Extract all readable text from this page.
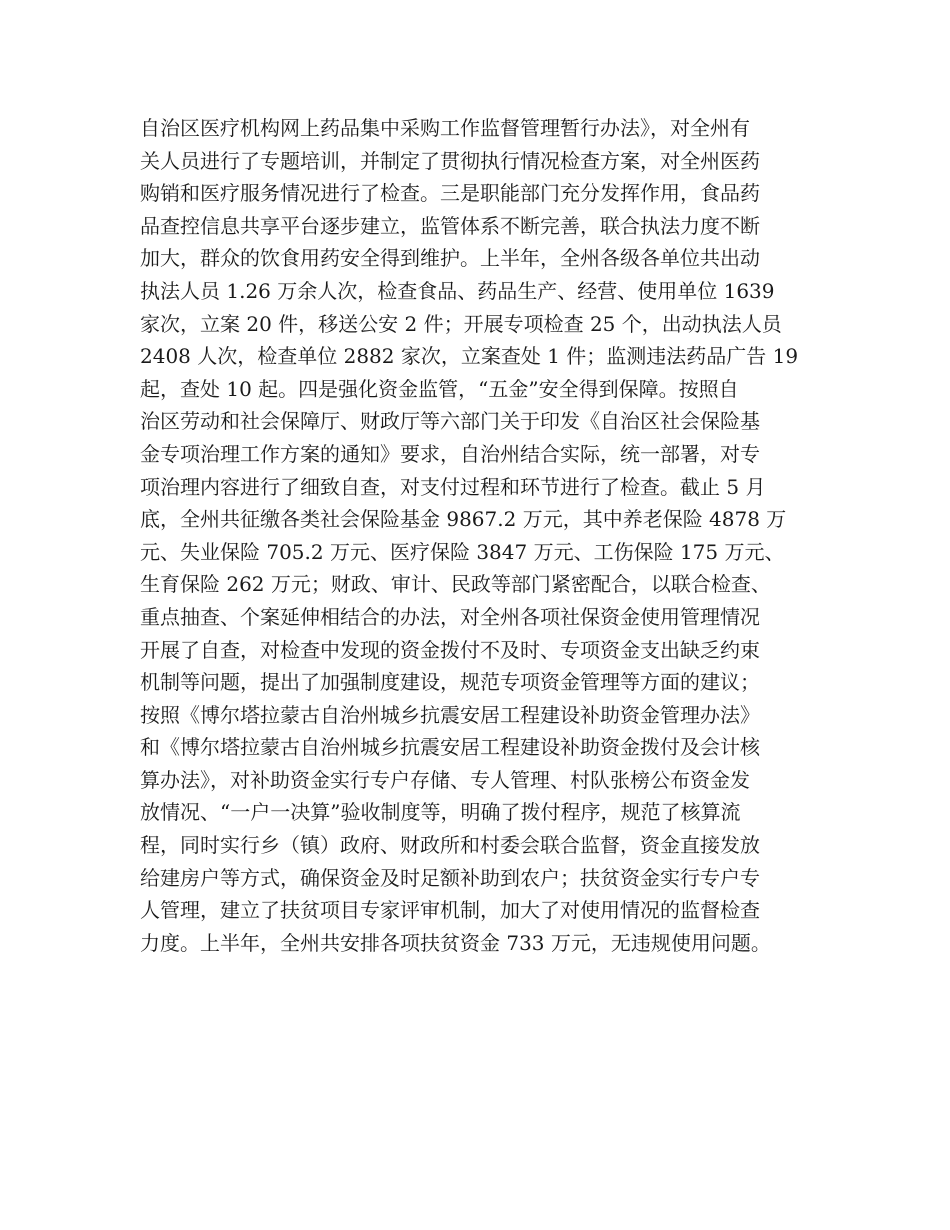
自治区医疗机构网上药品集中采购工作监督管理暂行办法》，对全州有
关人员进行了专题培训，并制定了贯彻执行情况检查方案，对全州医药
购销和医疗服务情况进行了检查。三是职能部门充分发挥作用，食品药
品查控信息共享平台逐步建立，监管体系不断完善，联合执法力度不断
加大，群众的饮食用药安全得到维护。上半年，全州各级各单位共出动
执法人员 1.26 万余人次，检查食品、药品生产、经营、使用单位 1639
家次，立案 20 件，移送公安 2 件；开展专项检查 25 个，出动执法人员
2408 人次，检查单位 2882 家次，立案查处 1 件；监测违法药品广告 19
起，查处 10 起。四是强化资金监管，“五金”安全得到保障。按照自
治区劳动和社会保障厅、财政厅等六部门关于印发《自治区社会保险基
金专项治理工作方案的通知》要求，自治州结合实际，统一部署，对专
项治理内容进行了细致自查，对支付过程和环节进行了检查。截止 5 月
底，全州共征缴各类社会保险基金 9867.2 万元，其中养老保险 4878 万
元、失业保险 705.2 万元、医疗保险 3847 万元、工伤保险 175 万元、
生育保险 262 万元；财政、审计、民政等部门紧密配合，以联合检查、
重点抽查、个案延伸相结合的办法，对全州各项社保资金使用管理情况
开展了自查，对检查中发现的资金拨付不及时、专项资金支出缺乏约束
机制等问题，提出了加强制度建设，规范专项资金管理等方面的建议；
按照《博尔塔拉蒙古自治州城乡抗震安居工程建设补助资金管理办法》
和《博尔塔拉蒙古自治州城乡抗震安居工程建设补助资金拨付及会计核
算办法》，对补助资金实行专户存储、专人管理、村队张榜公布资金发
放情况、“一户一决算”验收制度等，明确了拨付程序，规范了核算流
程，同时实行乡（镇）政府、财政所和村委会联合监督，资金直接发放
给建房户等方式，确保资金及时足额补助到农户；扶贫资金实行专户专
人管理，建立了扶贫项目专家评审机制，加大了对使用情况的监督检查
力度。上半年，全州共安排各项扶贫资金 733 万元，无违规使用问题。
